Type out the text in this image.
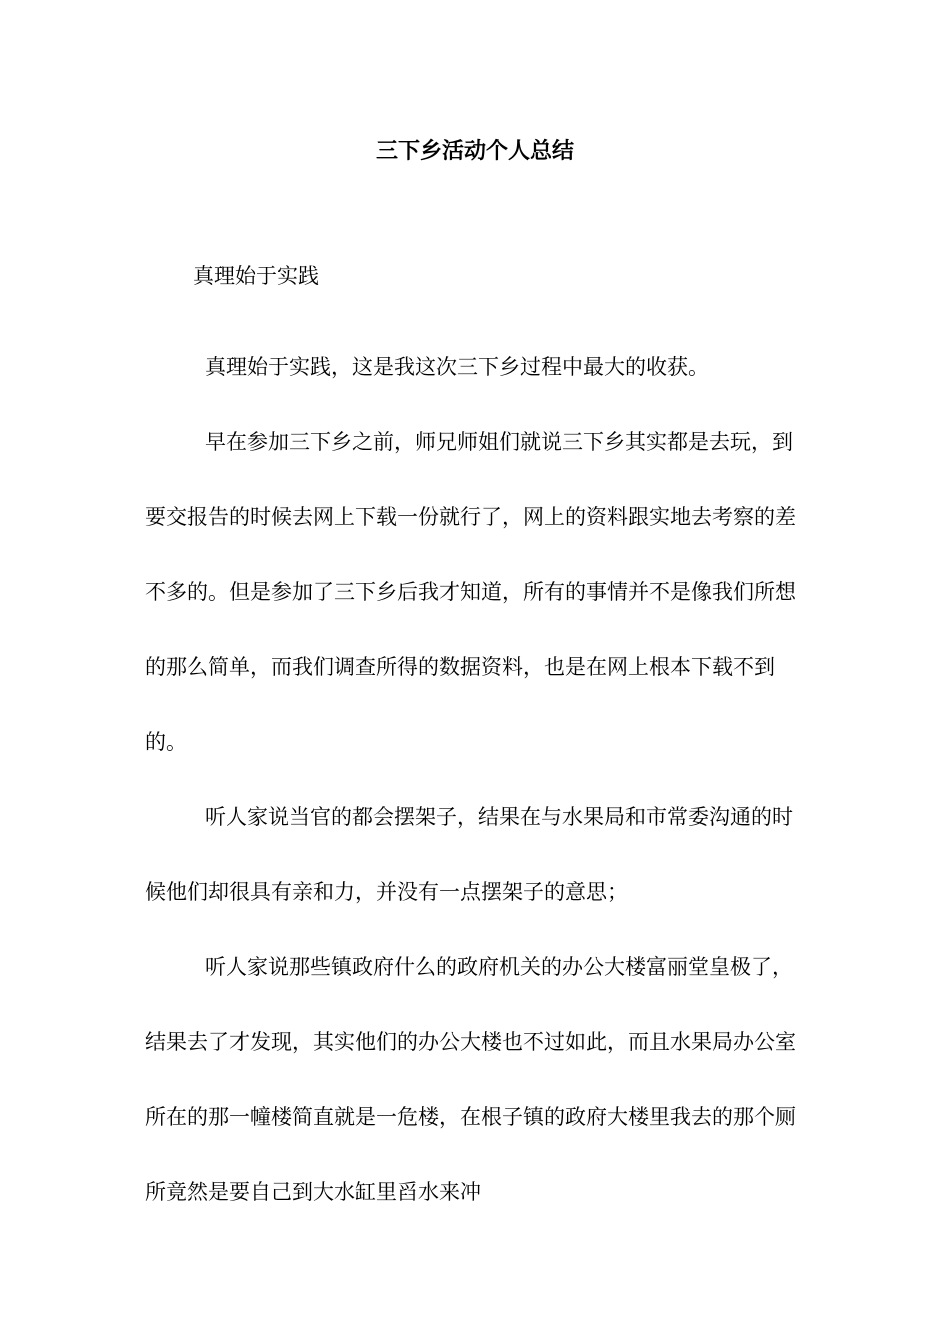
三下乡活动个人总结

真理始于实践

真理始于实践，这是我这次三下乡过程中最大的收获。

早在参加三下乡之前，师兄师姐们就说三下乡其实都是去玩，到要交报告的时候去网上下载一份就行了，网上的资料跟实地去考察的差不多的。但是参加了三下乡后我才知道，所有的事情并不是像我们所想的那么简单，而我们调查所得的数据资料，也是在网上根本下载不到的。

听人家说当官的都会摆架子，结果在与水果局和市常委沟通的时候他们却很具有亲和力，并没有一点摆架子的意思；

听人家说那些镇政府什么的政府机关的办公大楼富丽堂皇极了，结果去了才发现，其实他们的办公大楼也不过如此，而且水果局办公室所在的那一幢楼简直就是一危楼，在根子镇的政府大楼里我去的那个厕所竟然是要自己到大水缸里舀水来冲
